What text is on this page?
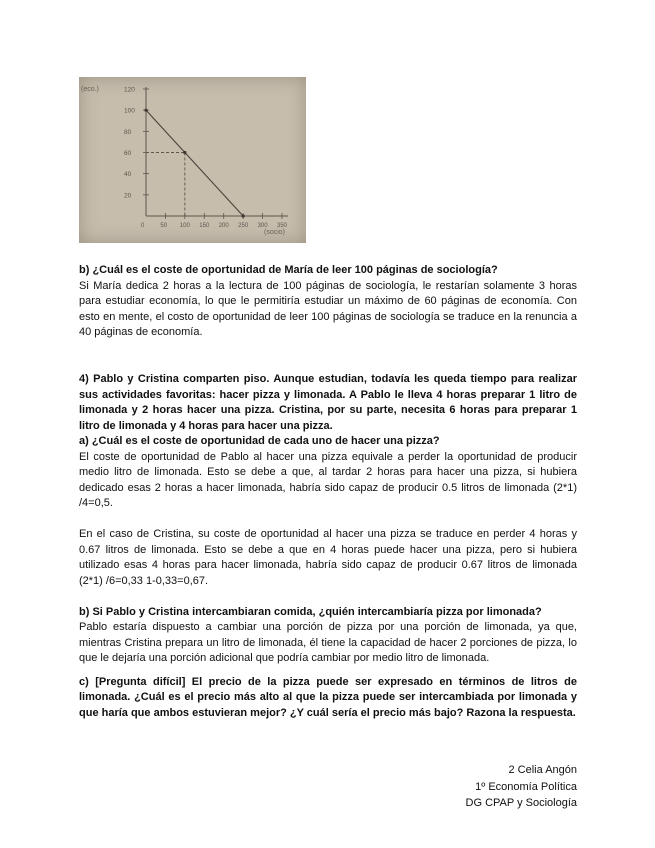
(eco.)
(socio)
120
100
80
60
40
20
0	50 100 150 200 250 300 350
b) ¿Cuál es el coste de oportunidad de María de leer 100 páginas de sociología?
Si María dedica 2 horas a la lectura de 100 páginas de sociología, le restarían solamente 3 horas para estudiar economía, lo que le permitiría estudiar un máximo de 60 páginas de economía. Con esto en mente, el costo de oportunidad de leer 100 páginas de sociología se traduce en la renuncia a 40 páginas de economía.
4) Pablo y Cristina comparten piso. Aunque estudian, todavía les queda tiempo para realizar sus actividades favoritas: hacer pizza y limonada. A Pablo le lleva 4 horas preparar 1 litro de limonada y 2 horas hacer una pizza. Cristina, por su parte, necesita 6 horas para preparar 1 litro de limonada y 4 horas para hacer una pizza.
a) ¿Cuál es el coste de oportunidad de cada uno de hacer una pizza?
El coste de oportunidad de Pablo al hacer una pizza equivale a perder la oportunidad de producir medio litro de limonada. Esto se debe a que, al tardar 2 horas para hacer una pizza, si hubiera dedicado esas 2 horas a hacer limonada, habría sido capaz de producir 0.5 litros de limonada (2*1) /4=0,5.
En el caso de Cristina, su coste de oportunidad al hacer una pizza se traduce en perder 4 horas y 0.67 litros de limonada. Esto se debe a que en 4 horas puede hacer una pizza, pero si hubiera utilizado esas 4 horas para hacer limonada, habría sido capaz de producir 0.67 litros de limonada (2*1) /6=0,33 1-0,33=0,67.
b) Si Pablo y Cristina intercambiaran comida, ¿quién intercambiaría pizza por limonada?
Pablo estaría dispuesto a cambiar una porción de pizza por una porción de limonada, ya que, mientras Cristina prepara un litro de limonada, él tiene la capacidad de hacer 2 porciones de pizza, lo que le dejaría una porción adicional que podría cambiar por medio litro de limonada.
c) [Pregunta difícil] El precio de la pizza puede ser expresado en términos de litros de limonada. ¿Cuál es el precio más alto al que la pizza puede ser intercambiada por limonada y que haría que ambos estuvieran mejor? ¿Y cuál sería el precio más bajo? Razona la respuesta.
2 Celia Angón
1º Economía Política
DG CPAP y Sociología
